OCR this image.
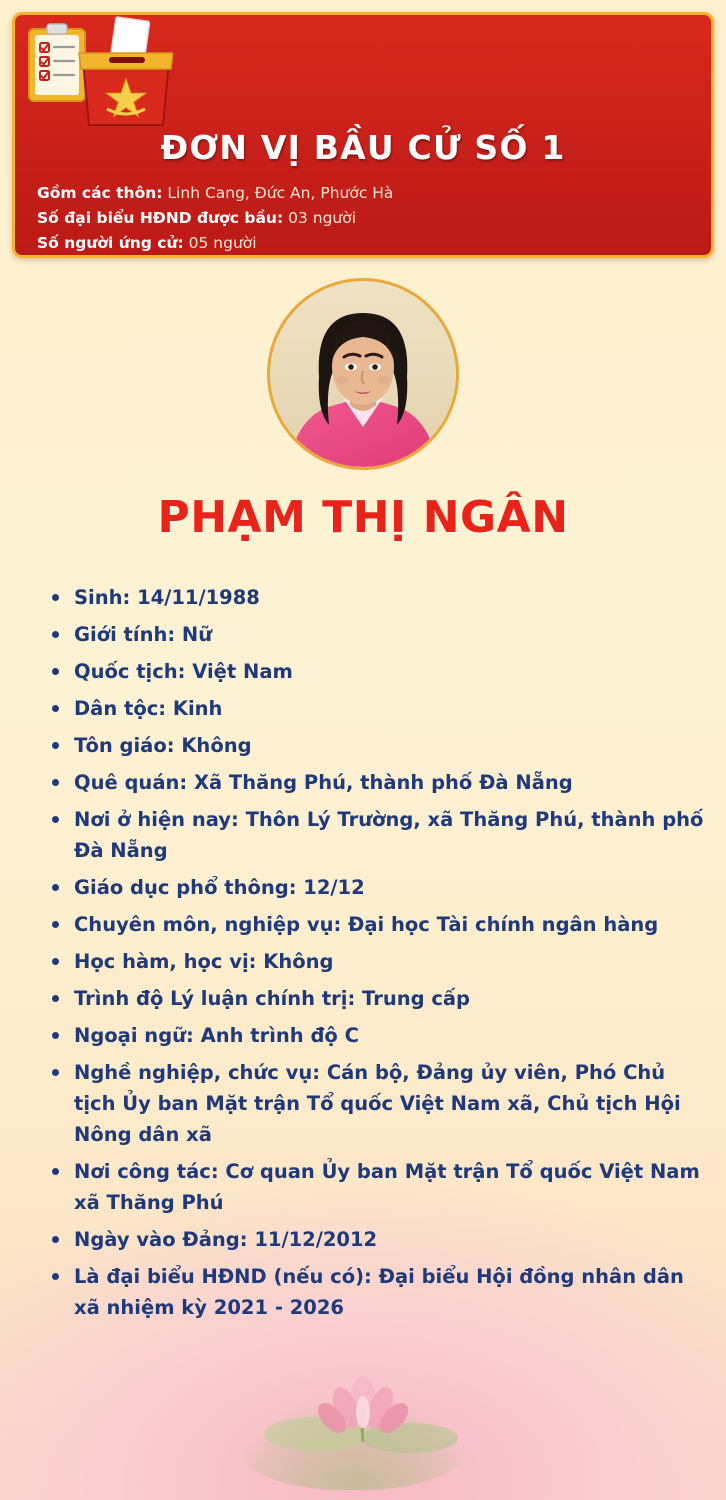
ĐƠN VỊ BẦU CỬ SỐ 1
Gồm các thôn: Linh Cang, Đức An, Phước Hà
Số đại biểu HĐND được bầu: 03 người
Số người ứng cử: 05 người
PHẠM THỊ NGÂN
Sinh: 14/11/1988
Giới tính: Nữ
Quốc tịch: Việt Nam
Dân tộc: Kinh
Tôn giáo: Không
Quê quán: Xã Thăng Phú, thành phố Đà Nẵng
Nơi ở hiện nay: Thôn Lý Trường, xã Thăng Phú, thành phố Đà Nẵng
Giáo dục phổ thông: 12/12
Chuyên môn, nghiệp vụ: Đại học Tài chính ngân hàng
Học hàm, học vị: Không
Trình độ Lý luận chính trị: Trung cấp
Ngoại ngữ: Anh trình độ C
Nghề nghiệp, chức vụ: Cán bộ, Đảng ủy viên, Phó Chủ tịch Ủy ban Mặt trận Tổ quốc Việt Nam xã, Chủ tịch Hội Nông dân xã
Nơi công tác: Cơ quan Ủy ban Mặt trận Tổ quốc Việt Nam xã Thăng Phú
Ngày vào Đảng: 11/12/2012
Là đại biểu HĐND (nếu có): Đại biểu Hội đồng nhân dân xã nhiệm kỳ 2021 - 2026
